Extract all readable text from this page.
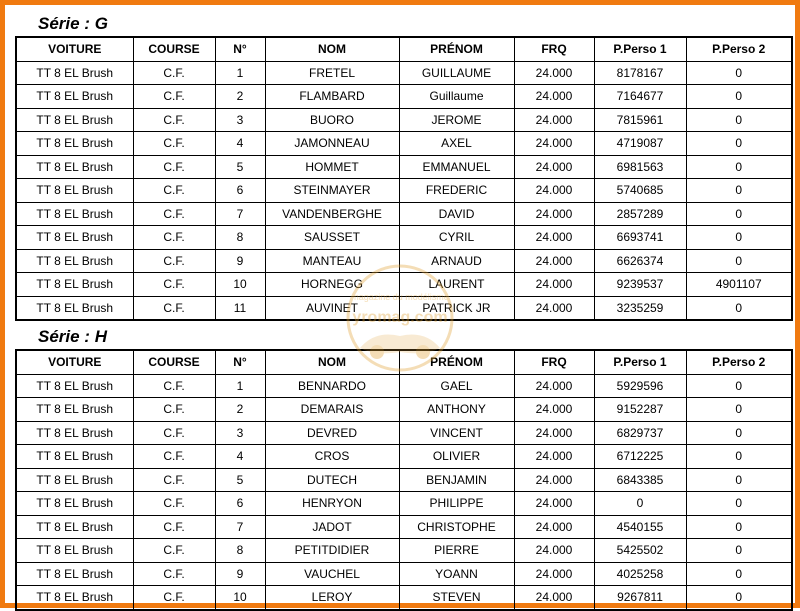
Série : G
VOITURE	COURSE	N°	NOM	PRÉNOM	FRQ	P.Perso 1	P.Perso 2
TT 8 EL Brush	C.F.	1	FRETEL	GUILLAUME	24.000	8178167	0
TT 8 EL Brush	C.F.	2	FLAMBARD	Guillaume	24.000	7164677	0
TT 8 EL Brush	C.F.	3	BUORO	JEROME	24.000	7815961	0
TT 8 EL Brush	C.F.	4	JAMONNEAU	AXEL	24.000	4719087	0
TT 8 EL Brush	C.F.	5	HOMMET	EMMANUEL	24.000	6981563	0
TT 8 EL Brush	C.F.	6	STEINMAYER	FREDERIC	24.000	5740685	0
TT 8 EL Brush	C.F.	7	VANDENBERGHE	DAVID	24.000	2857289	0
TT 8 EL Brush	C.F.	8	SAUSSET	CYRIL	24.000	6693741	0
TT 8 EL Brush	C.F.	9	MANTEAU	ARNAUD	24.000	6626374	0
TT 8 EL Brush	C.F.	10	HORNEGG	LAURENT	24.000	9239537	4901107
TT 8 EL Brush	C.F.	11	AUVINET	PATRICK JR	24.000	3235259	0
Série : H
VOITURE	COURSE	N°	NOM	PRÉNOM	FRQ	P.Perso 1	P.Perso 2
TT 8 EL Brush	C.F.	1	BENNARDO	GAEL	24.000	5929596	0
TT 8 EL Brush	C.F.	2	DEMARAIS	ANTHONY	24.000	9152287	0
TT 8 EL Brush	C.F.	3	DEVRED	VINCENT	24.000	6829737	0
TT 8 EL Brush	C.F.	4	CROS	OLIVIER	24.000	6712225	0
TT 8 EL Brush	C.F.	5	DUTECH	BENJAMIN	24.000	6843385	0
TT 8 EL Brush	C.F.	6	HENRYON	PHILIPPE	24.000	0	0
TT 8 EL Brush	C.F.	7	JADOT	CHRISTOPHE	24.000	4540155	0
TT 8 EL Brush	C.F.	8	PETITDIDIER	PIERRE	24.000	5425502	0
TT 8 EL Brush	C.F.	9	VAUCHEL	YOANN	24.000	4025258	0
TT 8 EL Brush	C.F.	10	LEROY	STEVEN	24.000	9267811	0
magazine du modélisme
yromag.com
